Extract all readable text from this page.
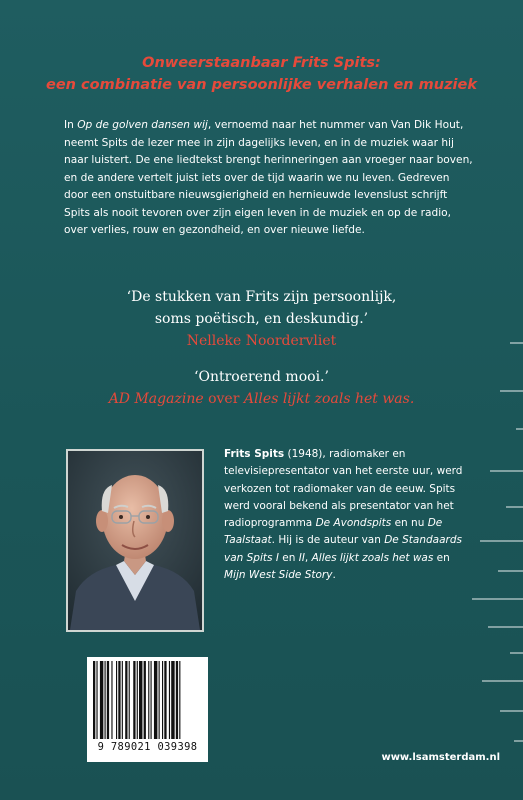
Onweerstaanbaar Frits Spits:
een combinatie van persoonlijke verhalen en muziek
In Op de golven dansen wij, vernoemd naar het nummer van Van Dik Hout, neemt Spits de lezer mee in zijn dagelijks leven, en in de muziek waar hij naar luistert. De ene liedtekst brengt herinneringen aan vroeger naar boven, en de andere vertelt juist iets over de tijd waarin we nu leven. Gedreven door een onstuitbare nieuwsgierigheid en hernieuwde levenslust schrijft Spits als nooit tevoren over zijn eigen leven in de muziek en op de radio, over verlies, rouw en gezondheid, en over nieuwe liefde.
‘De stukken van Frits zijn persoonlijk,
soms poëtisch, en deskundig.’
Nelleke Noordervliet
‘Ontroerend mooi.’
AD Magazine over Alles lijkt zoals het was.
Frits Spits (1948), radiomaker en televisiepresentator van het eerste uur, werd verkozen tot radiomaker van de eeuw. Spits werd vooral bekend als presentator van het radioprogramma De Avondspits en nu De Taalstaat. Hij is de auteur van De Standaards van Spits I en II, Alles lijkt zoals het was en Mijn West Side Story.
9 789021 039398
www.lsamsterdam.nl
